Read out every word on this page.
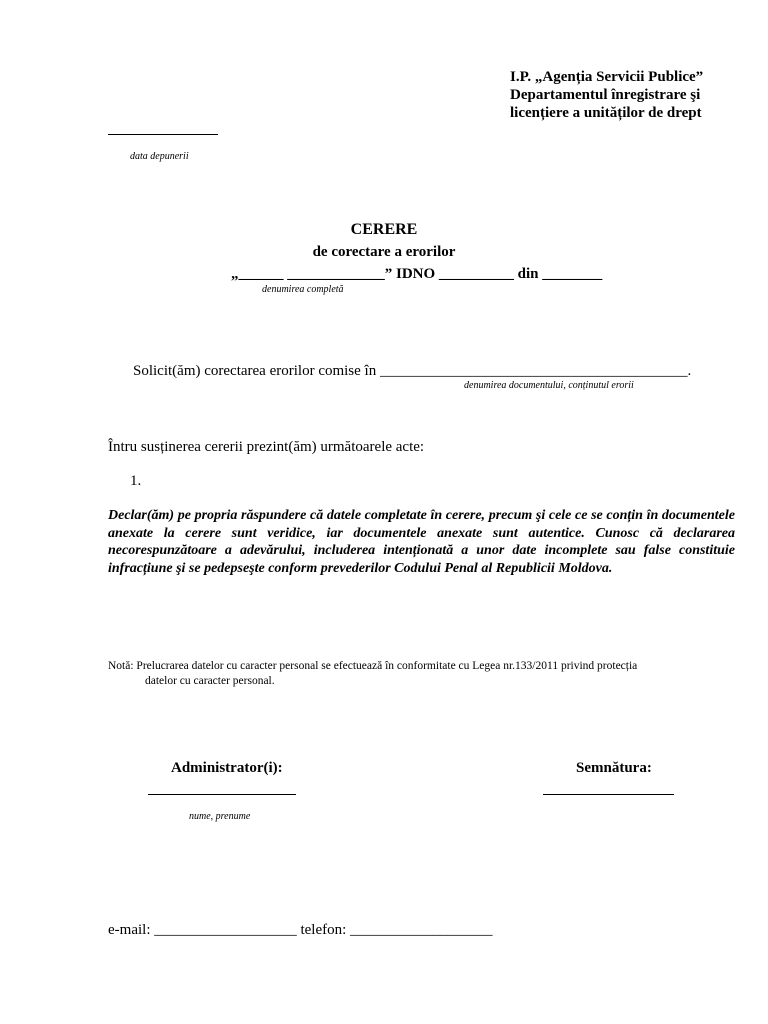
I.P. „Agenția Servicii Publice”
Departamentul înregistrare şi
licențiere a unităților de drept
data depunerii
CERERE
de corectare a erorilor
„______ _____________” IDNO __________ din ________
denumirea completă
Solicit(ăm) corectarea erorilor comise în _________________________________________.
denumirea documentului, conținutul erorii
Întru susținerea cererii prezint(ăm) următoarele acte:
1.
Declar(ăm) pe propria răspundere că datele completate în cerere, precum şi cele ce se conțin în documentele anexate la cerere sunt veridice, iar documentele anexate sunt autentice. Cunosc că declararea necorespunzătoare a adevărului, includerea intenționată a unor date incomplete sau false constituie infracțiune şi se pedepseşte conform prevederilor Codului Penal al Republicii Moldova.
Notă: Prelucrarea datelor cu caracter personal se efectuează în conformitate cu Legea nr.133/2011 privind protecția
datelor cu caracter personal.
Administrator(i):	Semnătura:
nume, prenume
e-mail: ___________________ telefon: ___________________
